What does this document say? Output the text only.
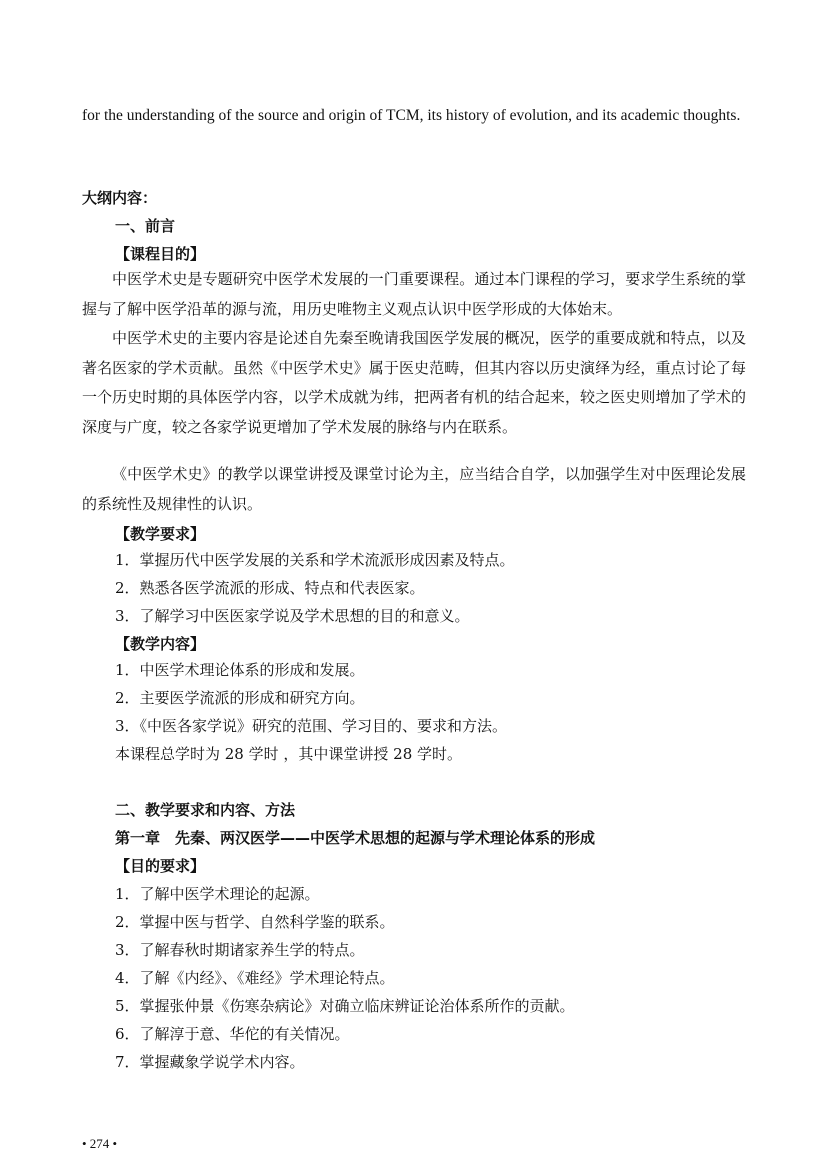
for the understanding of the source and origin of TCM, its history of evolution, and its academic thoughts.
大纲内容：
一、前言
【课程目的】
中医学术史是专题研究中医学术发展的一门重要课程。通过本门课程的学习，要求学生系统的掌握与了解中医学沿革的源与流，用历史唯物主义观点认识中医学形成的大体始末。
中医学术史的主要内容是论述自先秦至晚请我国医学发展的概况，医学的重要成就和特点，以及著名医家的学术贡献。虽然《中医学术史》属于医史范畴，但其内容以历史演绎为经，重点讨论了每一个历史时期的具体医学内容，以学术成就为纬，把两者有机的结合起来，较之医史则增加了学术的深度与广度，较之各家学说更增加了学术发展的脉络与内在联系。
《中医学术史》的教学以课堂讲授及课堂讨论为主，应当结合自学，以加强学生对中医理论发展的系统性及规律性的认识。
【教学要求】
1．掌握历代中医学发展的关系和学术流派形成因素及特点。
2．熟悉各医学流派的形成、特点和代表医家。
3．了解学习中医医家学说及学术思想的目的和意义。
【教学内容】
1．中医学术理论体系的形成和发展。
2．主要医学流派的形成和研究方向。
3．《中医各家学说》研究的范围、学习目的、要求和方法。
本课程总学时为 28 学时 ，其中课堂讲授 28 学时。
二、教学要求和内容、方法
第一章　先秦、两汉医学——中医学术思想的起源与学术理论体系的形成
【目的要求】
1．了解中医学术理论的起源。
2．掌握中医与哲学、自然科学鉴的联系。
3．了解春秋时期诸家养生学的特点。
4．了解《内经》、《难经》学术理论特点。
5．掌握张仲景《伤寒杂病论》对确立临床辨证论治体系所作的贡献。
6．了解淳于意、华佗的有关情况。
7．掌握藏象学说学术内容。
• 274 •
